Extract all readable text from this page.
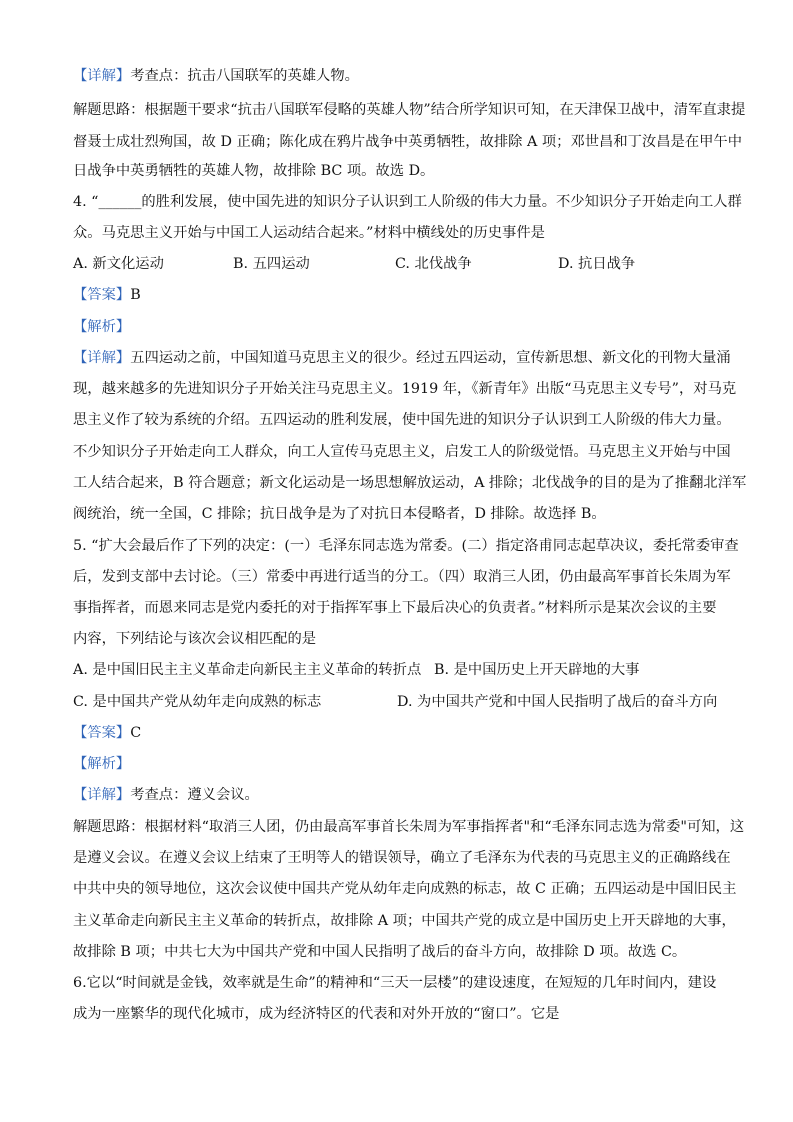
【详解】考查点：抗击八国联军的英雄人物。
解题思路：根据题干要求“抗击八国联军侵略的英雄人物”结合所学知识可知，在天津保卫战中，清军直隶提
督聂士成壮烈殉国，故 D 正确；陈化成在鸦片战争中英勇牺牲，故排除 A 项；邓世昌和丁汝昌是在甲午中
日战争中英勇牺牲的英雄人物，故排除 BC 项。故选 D。
4. “______的胜利发展，使中国先进的知识分子认识到工人阶级的伟大力量。不少知识分子开始走向工人群
众。马克思主义开始与中国工人运动结合起来。”材料中横线处的历史事件是
A. 新文化运动	B. 五四运动	C. 北伐战争	D. 抗日战争
【答案】B
【解析】
【详解】五四运动之前，中国知道马克思主义的很少。经过五四运动，宣传新思想、新文化的刊物大量涌
现，越来越多的先进知识分子开始关注马克思主义。1919 年，《新青年》出版“马克思主义专号”，对马克
思主义作了较为系统的介绍。五四运动的胜利发展，使中国先进的知识分子认识到工人阶级的伟大力量。
不少知识分子开始走向工人群众，向工人宣传马克思主义，启发工人的阶级觉悟。马克思主义开始与中国
工人结合起来，B 符合题意；新文化运动是一场思想解放运动，A 排除；北伐战争的目的是为了推翻北洋军
阀统治，统一全国，C 排除；抗日战争是为了对抗日本侵略者，D 排除。故选择 B。
5. “扩大会最后作了下列的决定：(一）毛泽东同志选为常委。(二）指定洛甫同志起草决议，委托常委审查
后，发到支部中去讨论。（三）常委中再进行适当的分工。（四）取消三人团，仍由最高军事首长朱周为军
事指挥者，而恩来同志是党内委托的对于指挥军事上下最后决心的负责者。”材料所示是某次会议的主要
内容，下列结论与该次会议相匹配的是
A. 是中国旧民主主义革命走向新民主主义革命的转折点 B. 是中国历史上开天辟地的大事
C. 是中国共产党从幼年走向成熟的标志	D. 为中国共产党和中国人民指明了战后的奋斗方向
【答案】C
【解析】
【详解】考查点：遵义会议。
解题思路：根据材料“取消三人团，仍由最高军事首长朱周为军事指挥者"和“毛泽东同志选为常委"可知，这
是遵义会议。在遵义会议上结束了王明等人的错误领导，确立了毛泽东为代表的马克思主义的正确路线在
中共中央的领导地位，这次会议使中国共产党从幼年走向成熟的标志，故 C 正确；五四运动是中国旧民主
主义革命走向新民主主义革命的转折点，故排除 A 项；中国共产党的成立是中国历史上开天辟地的大事，
故排除 B 项；中共七大为中国共产党和中国人民指明了战后的奋斗方向，故排除 D 项。故选 C。
6.它以“时间就是金钱，效率就是生命”的精神和“三天一层楼”的建设速度，在短短的几年时间内，建设
成为一座繁华的现代化城市，成为经济特区的代表和对外开放的“窗口”。它是
